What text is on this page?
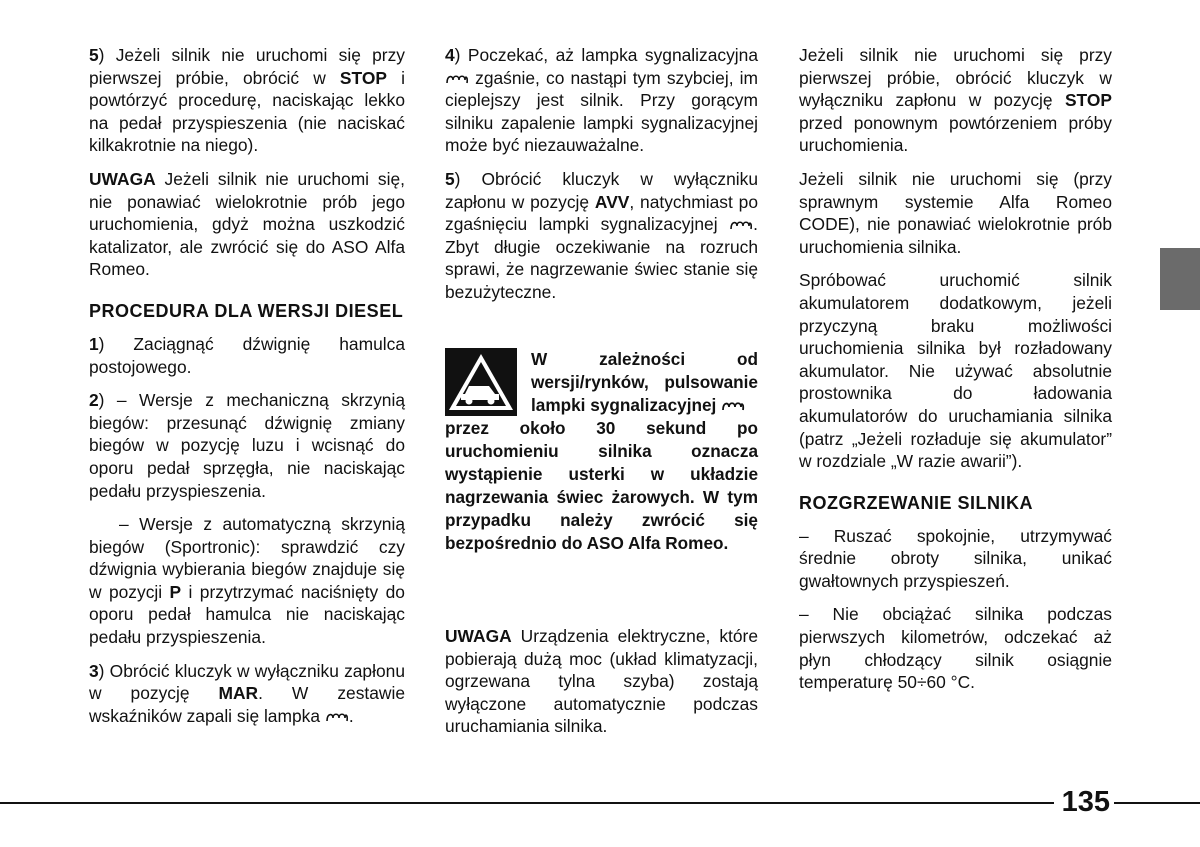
5) Jeżeli silnik nie uruchomi się przy pierwszej próbie, obrócić w STOP i powtórzyć procedurę, naciskając lekko na pedał przyspieszenia (nie naciskać kilkakrotnie na niego).

UWAGA Jeżeli silnik nie uruchomi się, nie ponawiać wielokrotnie prób jego uruchomienia, gdyż można uszkodzić katalizator, ale zwrócić się do ASO Alfa Romeo.

PROCEDURA DLA WERSJI DIESEL

1) Zaciągnąć dźwignię hamulca postojowego.

2) – Wersje z mechaniczną skrzynią biegów: przesunąć dźwignię zmiany biegów w pozycję luzu i wcisnąć do oporu pedał sprzęgła, nie naciskając pedału przyspieszenia.

– Wersje z automatyczną skrzynią biegów (Sportronic): sprawdzić czy dźwignia wybierania biegów znajduje się w pozycji P i przytrzymać naciśnięty do oporu pedał hamulca nie naciskając pedału przyspieszenia.

3) Obrócić kluczyk w wyłączniku zapłonu w pozycję MAR. W zestawie wskaźników zapali się lampka .

4) Poczekać, aż lampka sygnalizacyjna  zgaśnie, co nastąpi tym szybciej, im cieplejszy jest silnik. Przy gorącym silniku zapalenie lampki sygnalizacyjnej może być niezauważalne.

5) Obrócić kluczyk w wyłączniku zapłonu w pozycję AVV, natychmiast po zgaśnięciu lampki sygnalizacyjnej . Zbyt długie oczekiwanie na rozruch sprawi, że nagrzewanie świec stanie się bezużyteczne.

W zależności od wersji/rynków, pulsowanie lampki sygnalizacyjnej
przez około 30 sekund po uruchomieniu silnika oznacza wystąpienie usterki w układzie nagrzewania świec żarowych. W tym przypadku należy zwrócić się bezpośrednio do ASO Alfa Romeo.

UWAGA Urządzenia elektryczne, które pobierają dużą moc (układ klimatyzacji, ogrzewana tylna szyba) zostają wyłączone automatycznie podczas uruchamiania silnika.

Jeżeli silnik nie uruchomi się przy pierwszej próbie, obrócić kluczyk w wyłączniku zapłonu w pozycję STOP przed ponownym powtórzeniem próby uruchomienia.

Jeżeli silnik nie uruchomi się (przy sprawnym systemie Alfa Romeo CODE), nie ponawiać wielokrotnie prób uruchomienia silnika.

Spróbować uruchomić silnik akumulatorem dodatkowym, jeżeli przyczyną braku możliwości uruchomienia silnika był rozładowany akumulator. Nie używać absolutnie prostownika do ładowania akumulatorów do uruchamiania silnika (patrz „Jeżeli rozładuje się akumulator” w rozdziale „W razie awarii”).

ROZGRZEWANIE SILNIKA

– Ruszać spokojnie, utrzymywać średnie obroty silnika, unikać gwałtownych przyspieszeń.

– Nie obciążać silnika podczas pierwszych kilometrów, odczekać aż płyn chłodzący silnik osiągnie temperaturę 50÷60 °C.

135
